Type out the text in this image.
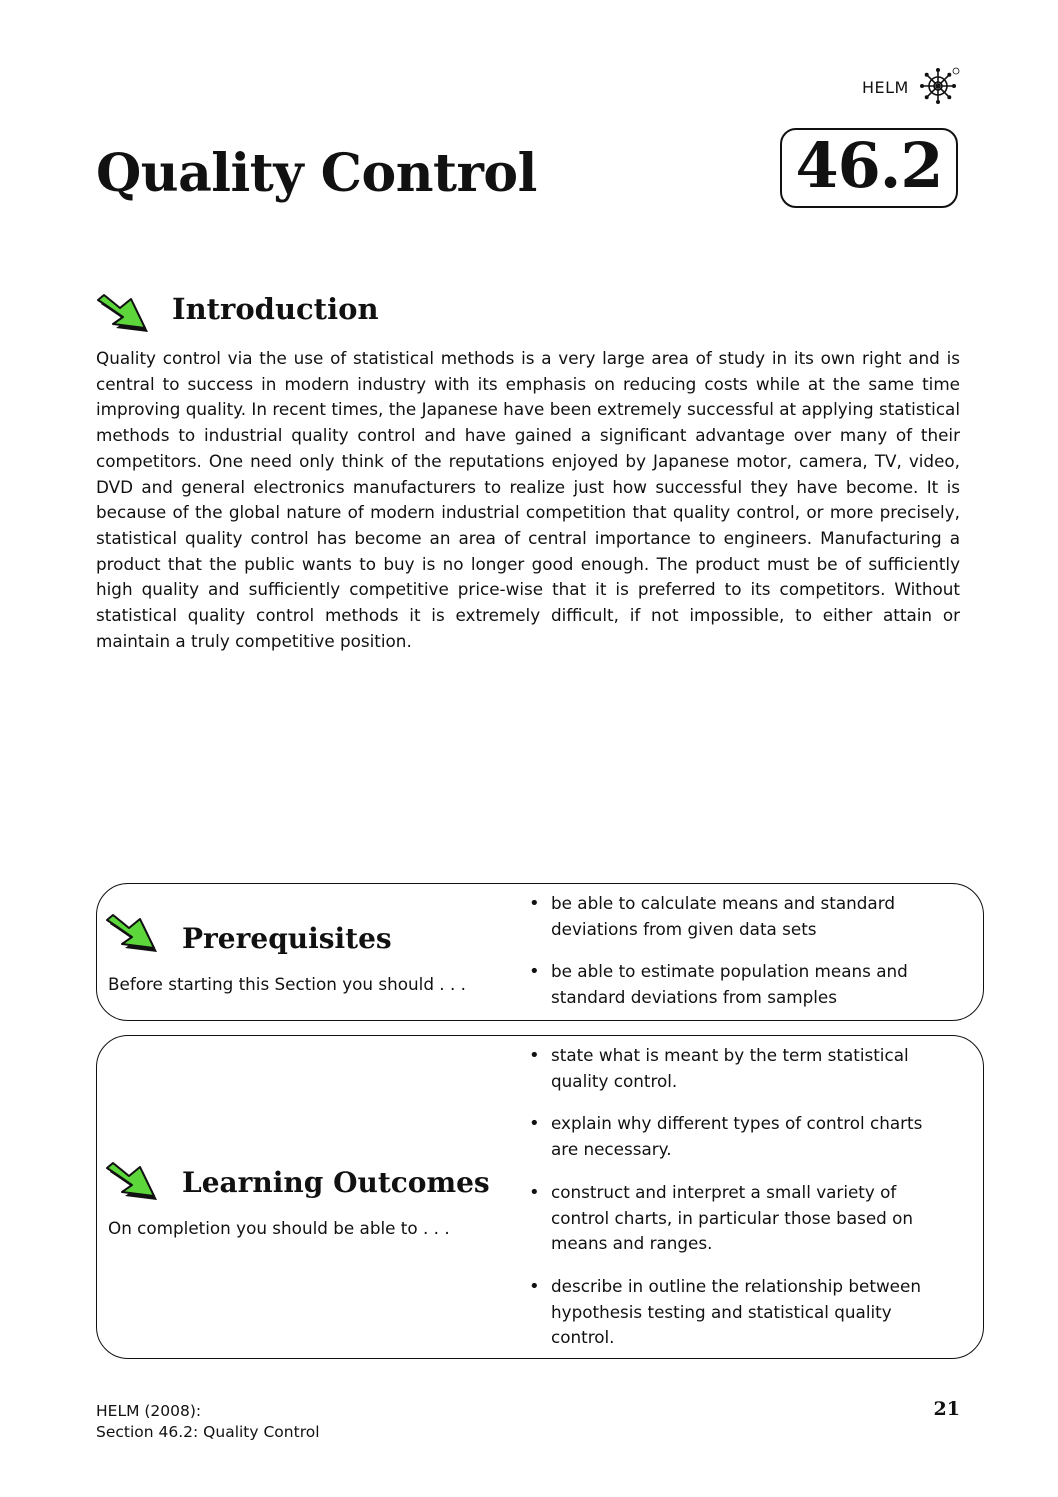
HELM
Quality Control	46.2
Introduction
Quality control via the use of statistical methods is a very large area of study in its own right and is central to success in modern industry with its emphasis on reducing costs while at the same time improving quality. In recent times, the Japanese have been extremely successful at applying statistical methods to industrial quality control and have gained a significant advantage over many of their competitors. One need only think of the reputations enjoyed by Japanese motor, camera, TV, video, DVD and general electronics manufacturers to realize just how successful they have become. It is because of the global nature of modern industrial competition that quality control, or more precisely, statistical quality control has become an area of central importance to engineers. Manufacturing a product that the public wants to buy is no longer good enough. The product must be of sufficiently high quality and sufficiently competitive price-wise that it is preferred to its competitors. Without statistical quality control methods it is extremely difficult, if not impossible, to either attain or maintain a truly competitive position.
Prerequisites
Before starting this Section you should . . .
• be able to calculate means and standard deviations from given data sets
• be able to estimate population means and standard deviations from samples
Learning Outcomes
On completion you should be able to . . .
• state what is meant by the term statistical quality control.
• explain why different types of control charts are necessary.
• construct and interpret a small variety of control charts, in particular those based on means and ranges.
• describe in outline the relationship between hypothesis testing and statistical quality control.
HELM (2008):
Section 46.2: Quality Control
21
